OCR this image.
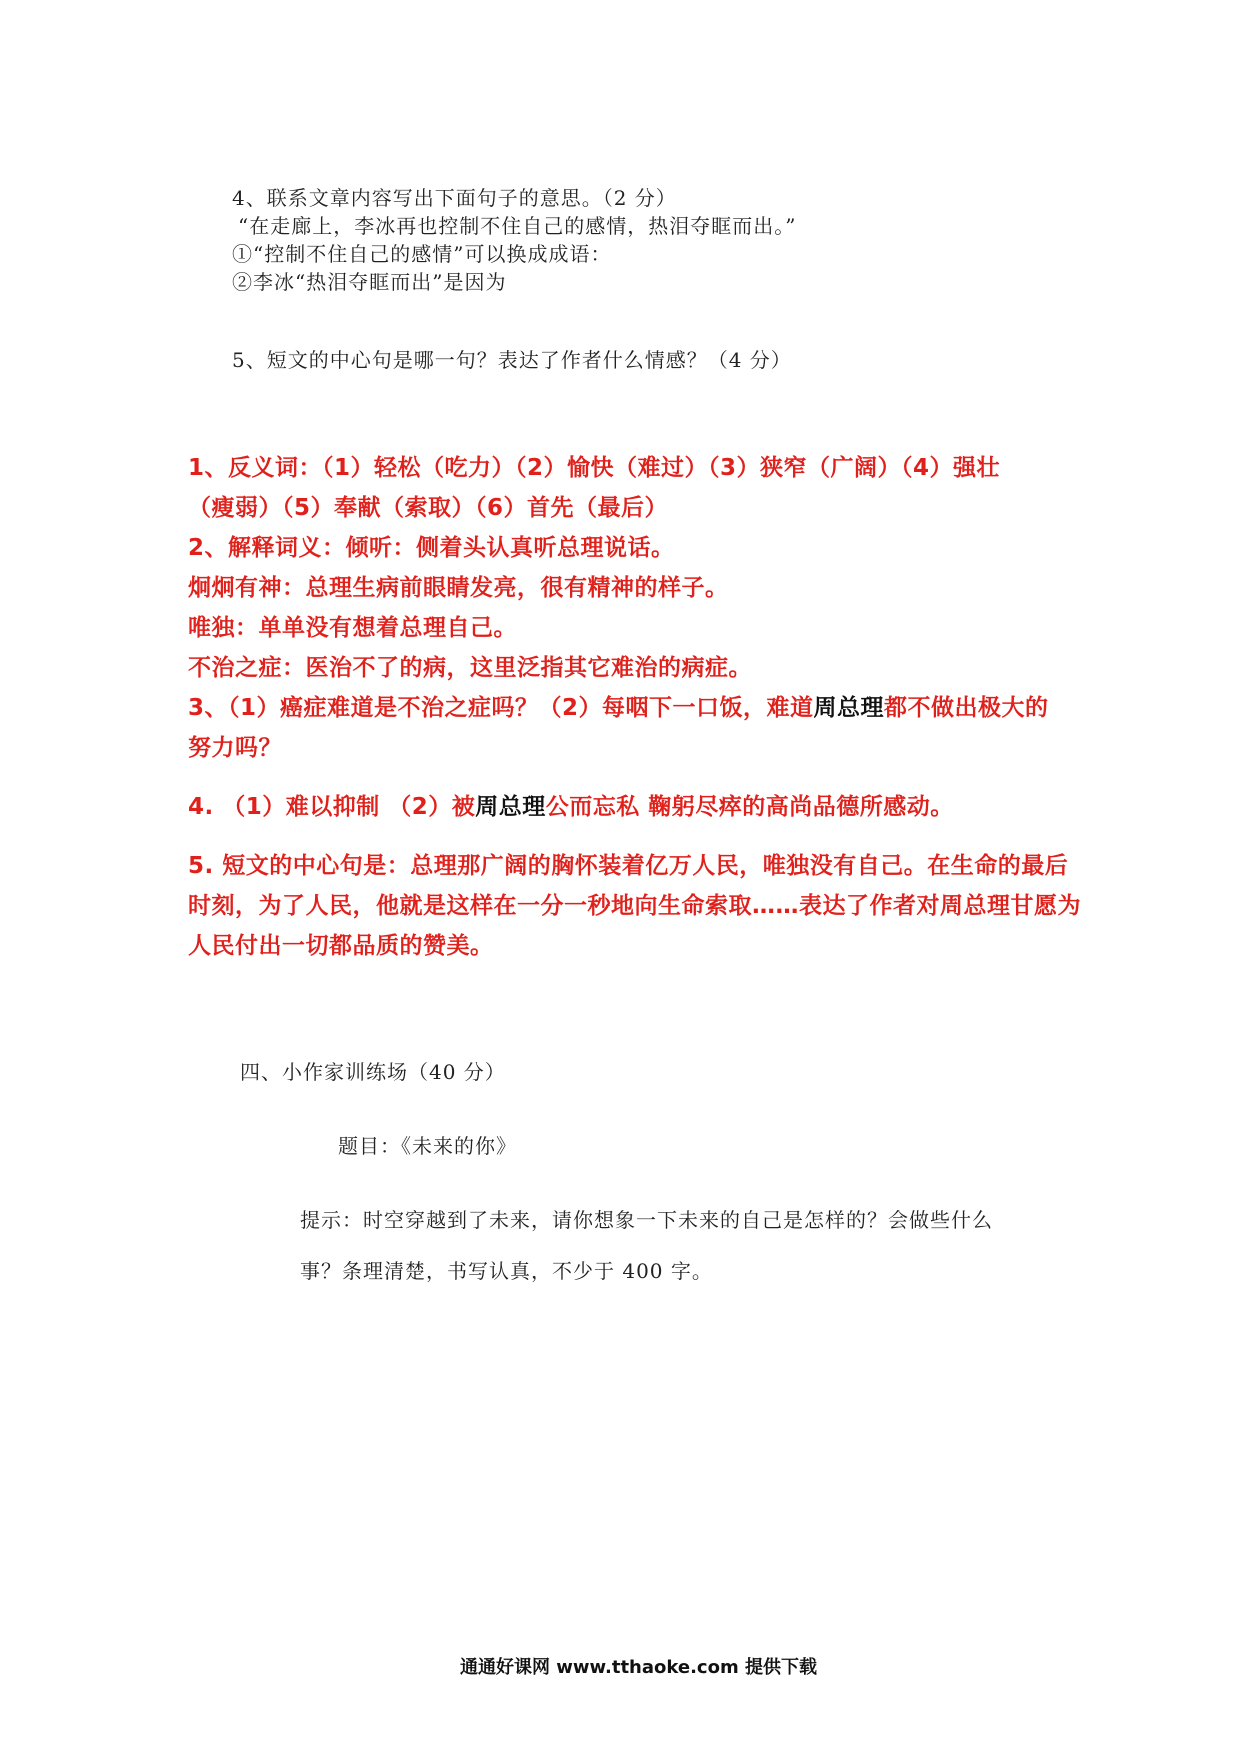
4、联系文章内容写出下面句子的意思。（2 分）
“在走廊上，李冰再也控制不住自己的感情，热泪夺眶而出。”
①“控制不住自己的感情”可以换成成语：
②李冰“热泪夺眶而出”是因为
5、短文的中心句是哪一句？表达了作者什么情感？（4 分）
1、反义词：（1）轻松（吃力）（2）愉快（难过）（3）狭窄（广阔）（4）强壮
（瘦弱）（5）奉献（索取）（6）首先（最后）
2、解释词义：倾听：侧着头认真听总理说话。
炯炯有神：总理生病前眼睛发亮，很有精神的样子。
唯独：单单没有想着总理自己。
不治之症：医治不了的病，这里泛指其它难治的病症。
3、（1）癌症难道是不治之症吗？（2）每咽下一口饭，难道周总理都不做出极大的
努力吗？
4. （1）难以抑制 （2）被周总理公而忘私 鞠躬尽瘁的高尚品德所感动。
5. 短文的中心句是：总理那广阔的胸怀装着亿万人民，唯独没有自己。在生命的最后
时刻，为了人民，他就是这样在一分一秒地向生命索取……表达了作者对周总理甘愿为
人民付出一切都品质的赞美。
四、小作家训练场（40 分）
题目：《未来的你》
提示：时空穿越到了未来，请你想象一下未来的自己是怎样的？会做些什么
事？条理清楚，书写认真，不少于 400 字。
通通好课网 www.tthaoke.com 提供下载
